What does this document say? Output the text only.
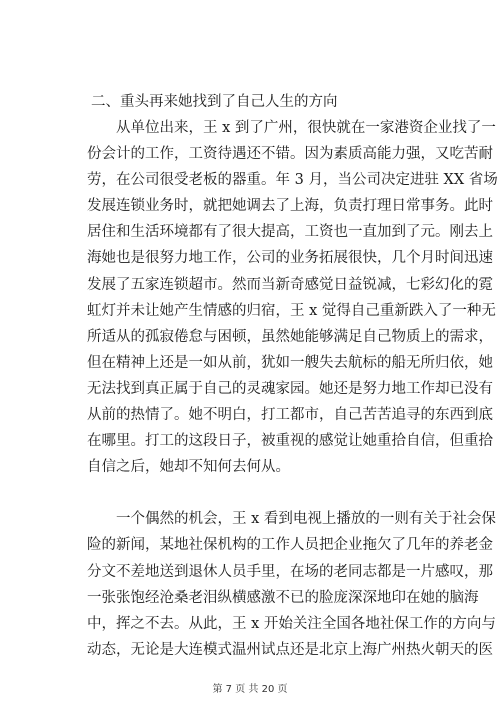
二、重头再来她找到了自己人生的方向
从单位出来，王 x 到了广州，很快就在一家港资企业找了一
份会计的工作，工资待遇还不错。因为素质高能力强，又吃苦耐
劳，在公司很受老板的器重。年 3 月，当公司决定进驻 XX 省场
发展连锁业务时，就把她调去了上海，负责打理日常事务。此时
居住和生活环境都有了很大提高，工资也一直加到了元。刚去上
海她也是很努力地工作，公司的业务拓展很快，几个月时间迅速
发展了五家连锁超市。然而当新奇感觉日益锐减，七彩幻化的霓
虹灯并未让她产生情感的归宿，王 x 觉得自己重新跌入了一种无
所适从的孤寂倦怠与困顿，虽然她能够满足自己物质上的需求，
但在精神上还是一如从前，犹如一艘失去航标的船无所归依，她
无法找到真正属于自己的灵魂家园。她还是努力地工作却已没有
从前的热情了。她不明白，打工都市，自己苦苦追寻的东西到底
在哪里。打工的这段日子，被重视的感觉让她重拾自信，但重拾
自信之后，她却不知何去何从。
一个偶然的机会，王 x 看到电视上播放的一则有关于社会保
险的新闻，某地社保机构的工作人员把企业拖欠了几年的养老金
分文不差地送到退休人员手里，在场的老同志都是一片感叹，那
一张张饱经沧桑老泪纵横感激不已的脸庞深深地印在她的脑海
中，挥之不去。从此，王 x 开始关注全国各地社保工作的方向与
动态，无论是大连模式温州试点还是北京上海广州热火朝天的医
第 7 页 共 20 页
